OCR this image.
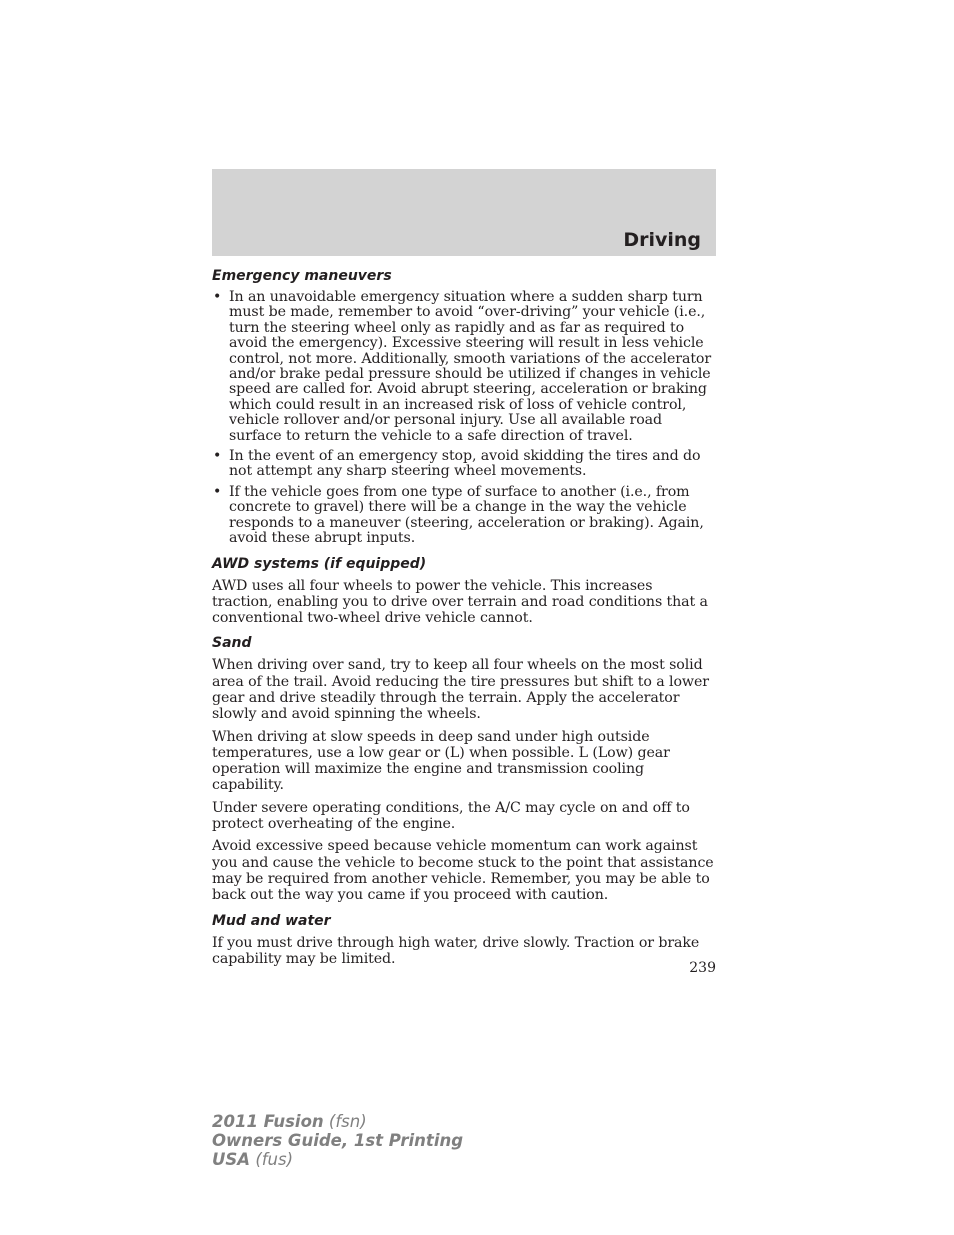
Driving
Emergency maneuvers
• In an unavoidable emergency situation where a sudden sharp turn must be made, remember to avoid “over-driving” your vehicle (i.e., turn the steering wheel only as rapidly and as far as required to avoid the emergency). Excessive steering will result in less vehicle control, not more. Additionally, smooth variations of the accelerator and/or brake pedal pressure should be utilized if changes in vehicle speed are called for. Avoid abrupt steering, acceleration or braking which could result in an increased risk of loss of vehicle control, vehicle rollover and/or personal injury. Use all available road surface to return the vehicle to a safe direction of travel.
• In the event of an emergency stop, avoid skidding the tires and do not attempt any sharp steering wheel movements.
• If the vehicle goes from one type of surface to another (i.e., from concrete to gravel) there will be a change in the way the vehicle responds to a maneuver (steering, acceleration or braking). Again, avoid these abrupt inputs.
AWD systems (if equipped)

AWD uses all four wheels to power the vehicle. This increases traction, enabling you to drive over terrain and road conditions that a conventional two-wheel drive vehicle cannot.

Sand

When driving over sand, try to keep all four wheels on the most solid area of the trail. Avoid reducing the tire pressures but shift to a lower gear and drive steadily through the terrain. Apply the accelerator slowly and avoid spinning the wheels.

When driving at slow speeds in deep sand under high outside temperatures, use a low gear or (L) when possible. L (Low) gear operation will maximize the engine and transmission cooling capability.

Under severe operating conditions, the A/C may cycle on and off to protect overheating of the engine.

Avoid excessive speed because vehicle momentum can work against you and cause the vehicle to become stuck to the point that assistance may be required from another vehicle. Remember, you may be able to back out the way you came if you proceed with caution.

Mud and water

If you must drive through high water, drive slowly. Traction or brake capability may be limited.

239
2011 Fusion (fsn)
Owners Guide, 1st Printing
USA (fus)
